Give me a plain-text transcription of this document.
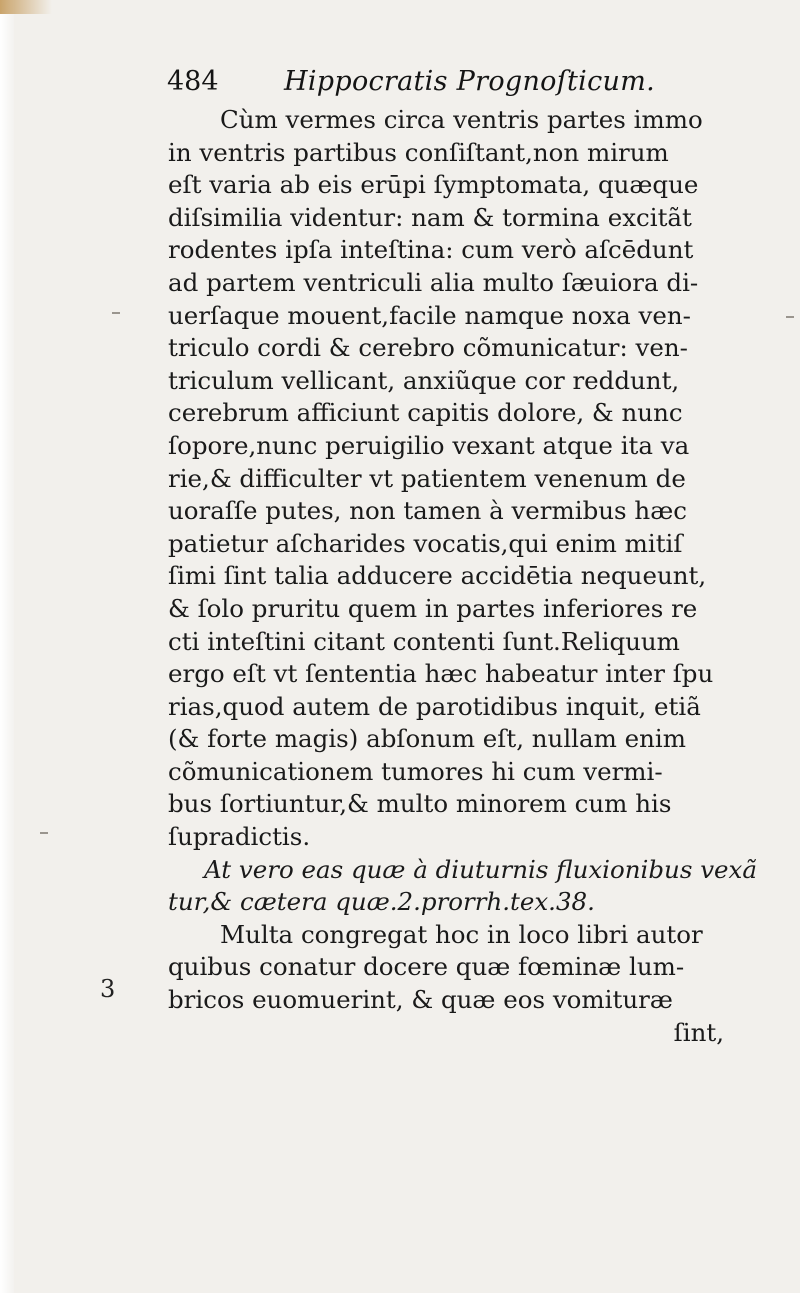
484 Hippocratis Prognoſticum.
Cùm vermes circa ventris partes immo
in ventris partibus conſiſtant,non mirum
eſt varia ab eis erūpi ſymptomata, quæque
diſsimilia videntur: nam & tormina excitãt
rodentes ipſa inteſtina: cum verò aſcēdunt
ad partem ventriculi alia multo ſæuiora di-
uerſaque mouent,facile namque noxa ven-
triculo cordi & cerebro cõmunicatur: ven-
triculum vellicant, anxiũque cor reddunt,
cerebrum afficiunt capitis dolore, & nunc
ſopore,nunc peruigilio vexant atque ita va
rie,& difficulter vt patientem venenum de
uoraſſe putes, non tamen à vermibus hæc
patietur aſcharides vocatis,qui enim mitiſ
ſimi ſint talia adducere accidētia nequeunt,
& ſolo pruritu quem in partes inferiores re
cti inteſtini citant contenti ſunt.Reliquum
ergo eſt vt ſententia hæc habeatur inter ſpu
rias,quod autem de parotidibus inquit, etiã
(& forte magis) abſonum eſt, nullam enim
cõmunicationem tumores hi cum vermi-
bus ſortiuntur,& multo minorem cum his
ſupradictis.
At vero eas quæ à diuturnis fluxionibus vexã
tur,& cætera quæ.2.prorrh.tex.38.
Multa congregat hoc in loco libri autor
quibus conatur docere quæ fœminæ lum-
bricos euomuerint, & quæ eos vomituræ
ſint,
3
